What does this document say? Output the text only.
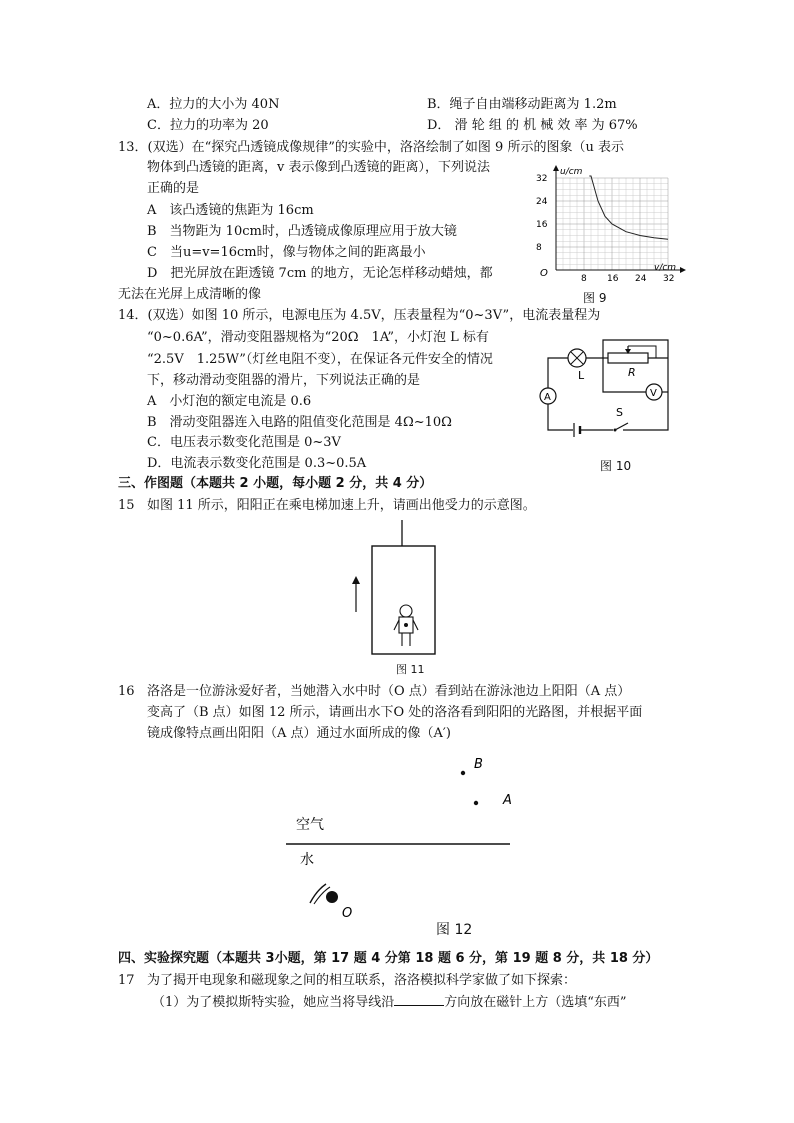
A．拉力的大小为 40N	B．绳子自由端移动距离为 1.2m
C．拉力的功率为 20	D． 滑 轮 组 的 机 械 效 率 为 67%
13．(双选）在“探究凸透镜成像规律”的实验中，洛洛绘制了如图 9 所示的图象（u 表示
物体到凸透镜的距离，v 表示像到凸透镜的距离），下列说法
正确的是
A　该凸透镜的焦距为 16cm
B　当物距为 10cm时，凸透镜成像原理应用于放大镜
C　当u=v=16cm时，像与物体之间的距离最小
D　把光屏放在距透镜 7cm 的地方，无论怎样移动蜡烛，都
无法在光屏上成清晰的像
32
24
16
8
8 16 24 32
u/cm
v/cm
O
图 9
14．(双选）如图 10 所示，电源电压为 4.5V，压表量程为“0~3V”，电流表量程为
“0~0.6A”，滑动变阻器规格为“20Ω　1A”，小灯泡 L 标有
“2.5V　1.25W”（灯丝电阻不变），在保证各元件安全的情况
下，移动滑动变阻器的滑片，下列说法正确的是
A　小灯泡的额定电流是 0.6
B　滑动变阻器连入电路的阻值变化范围是 4Ω~10Ω
C．电压表示数变化范围是 0~3V
D．电流表示数变化范围是 0.3~0.5A
V
A
L	R
S
图 10
三、作图题（本题共 2 小题，每小题 2 分，共 4 分）
15 如图 11 所示，阳阳正在乘电梯加速上升，请画出他受力的示意图。
图 11
16 洛洛是一位游泳爱好者，当她潜入水中时（O 点）看到站在游泳池边上阳阳（A 点）
变高了（B 点）如图 12 所示，请画出水下O 处的洛洛看到阳阳的光路图，并根据平面
镜成像特点画出阳阳（A 点）通过水面所成的像（A′)
B
A
空气
水
O
图 12
四、实验探究题（本题共 3小题，第 17 题 4 分第 18 题 6 分，第 19 题 8 分，共 18 分）
17 为了揭开电现象和磁现象之间的相互联系，洛洛模拟科学家做了如下探索：
（1）为了模拟斯特实验，她应当将导线沿	方向放在磁针上方（选填“东西”
